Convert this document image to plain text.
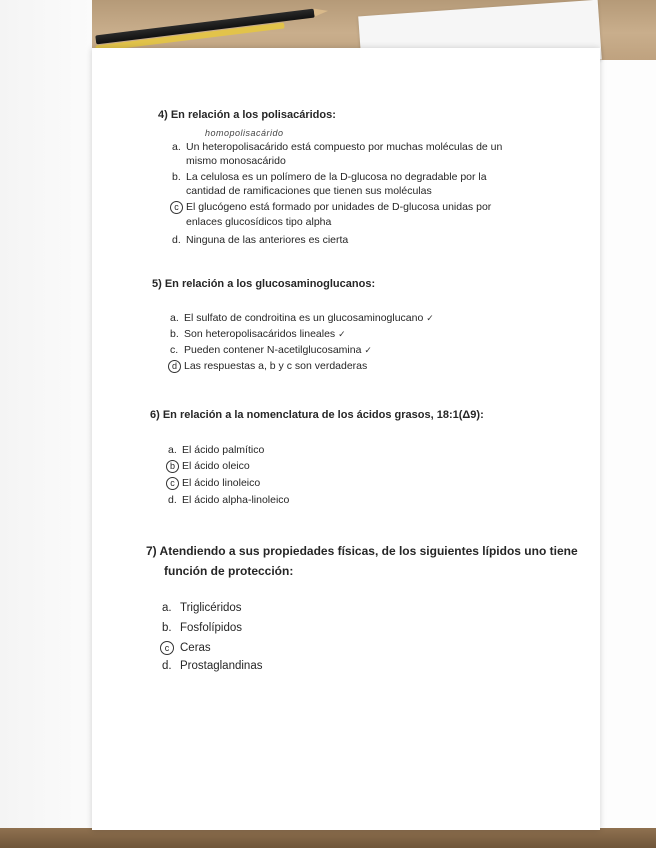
4) En relación a los polisacáridos:
homopolisacárido
a. Un heteropolisacárido está compuesto por muchas moléculas de un
mismo monosacárido
b. La celulosa es un polímero de la D-glucosa no degradable por la
cantidad de ramificaciones que tienen sus moléculas
c El glucógeno está formado por unidades de D-glucosa unidas por
enlaces glucosídicos tipo alpha
d. Ninguna de las anteriores es cierta
5) En relación a los glucosaminoglucanos:
a. El sulfato de condroitina es un glucosaminoglucano ✓
b. Son heteropolisacáridos lineales ✓
c. Pueden contener N-acetilglucosamina ✓
d Las respuestas a, b y c son verdaderas
6) En relación a la nomenclatura de los ácidos grasos, 18:1(Δ9):
a. El ácido palmítico
b El ácido oleico
c El ácido linoleico
d. El ácido alpha-linoleico
7) Atendiendo a sus propiedades físicas, de los siguientes lípidos uno tiene
función de protección:
a. Triglicéridos
b. Fosfolípidos
c Ceras
d. Prostaglandinas
